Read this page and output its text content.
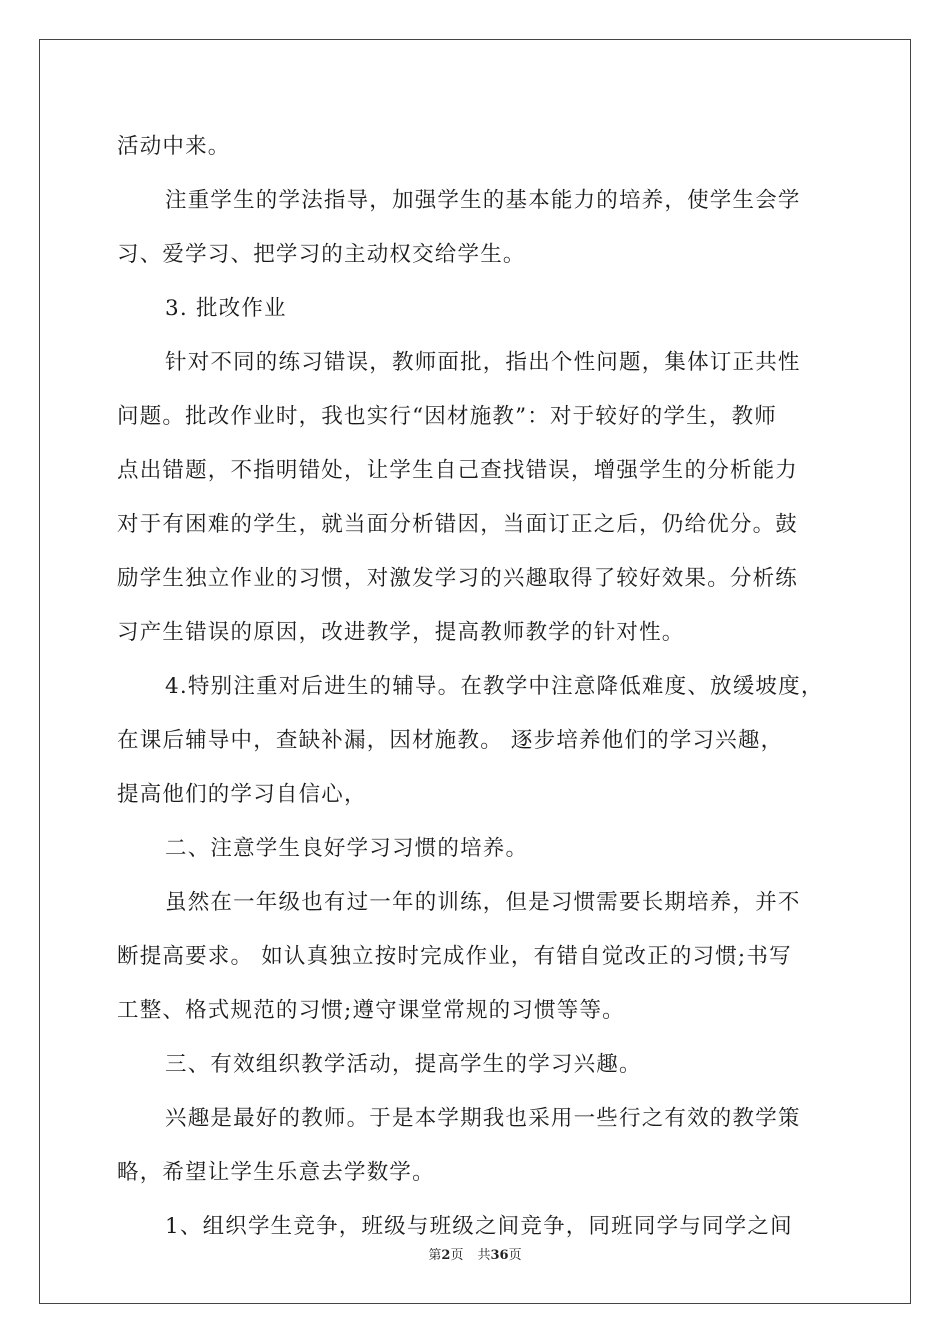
活动中来。
注重学生的学法指导，加强学生的基本能力的培养，使学生会学
习、爱学习、把学习的主动权交给学生。
3. 批改作业
针对不同的练习错误，教师面批，指出个性问题，集体订正共性
问题。批改作业时，我也实行“因材施教”：对于较好的学生，教师
点出错题，不指明错处，让学生自己查找错误，增强学生的分析能力
对于有困难的学生，就当面分析错因，当面订正之后，仍给优分。鼓
励学生独立作业的习惯，对激发学习的兴趣取得了较好效果。分析练
习产生错误的原因，改进教学，提高教师教学的针对性。
4.特别注重对后进生的辅导。在教学中注意降低难度、放缓坡度，
在课后辅导中，查缺补漏，因材施教。 逐步培养他们的学习兴趣，
提高他们的学习自信心，
二、注意学生良好学习习惯的培养。
虽然在一年级也有过一年的训练，但是习惯需要长期培养，并不
断提高要求。 如认真独立按时完成作业，有错自觉改正的习惯;书写
工整、格式规范的习惯;遵守课堂常规的习惯等等。
三、有效组织教学活动，提高学生的学习兴趣。
兴趣是最好的教师。于是本学期我也采用一些行之有效的教学策
略，希望让学生乐意去学数学。
1、组织学生竞争，班级与班级之间竞争，同班同学与同学之间
第2页 共36页
